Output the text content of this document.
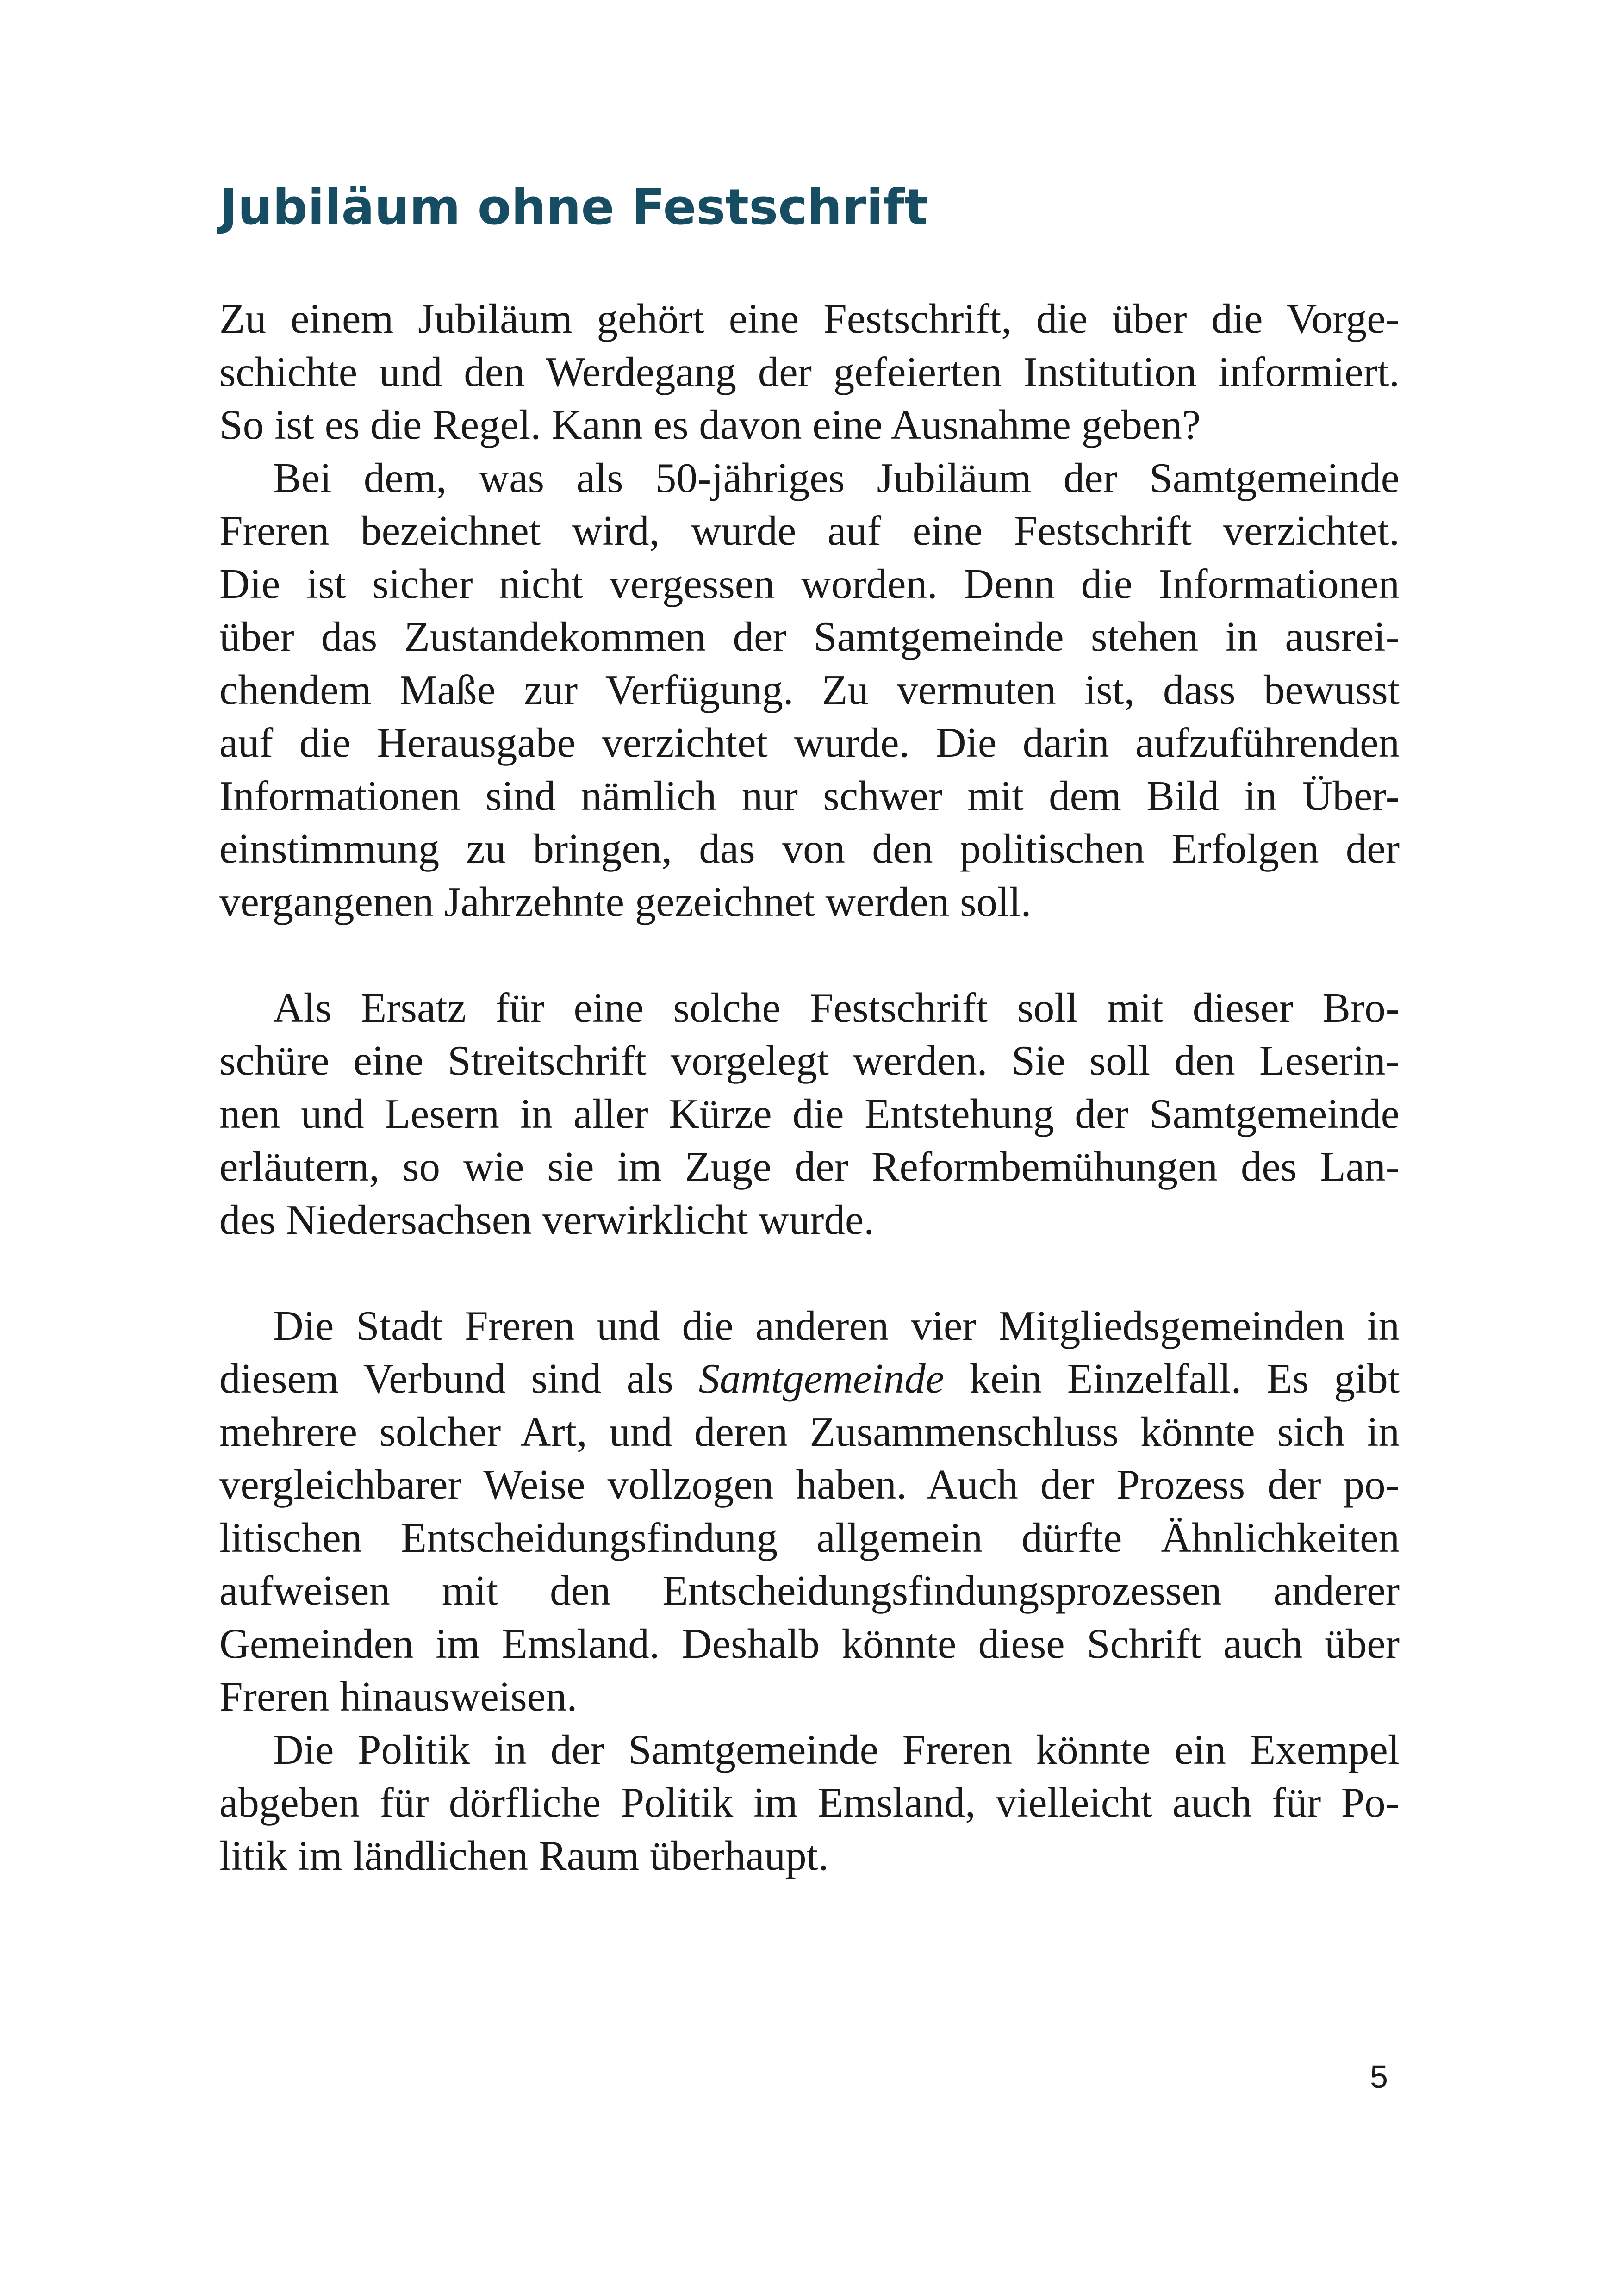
Jubiläum ohne Festschrift
Zu einem Jubiläum gehört eine Festschrift, die über die Vorge-
schichte und den Werdegang der gefeierten Institution informiert.
So ist es die Regel. Kann es davon eine Ausnahme geben?
Bei dem, was als 50-jähriges Jubiläum der Samtgemeinde
Freren bezeichnet wird, wurde auf eine Festschrift verzichtet.
Die ist sicher nicht vergessen worden. Denn die Informationen
über das Zustandekommen der Samtgemeinde stehen in ausrei-
chendem Maße zur Verfügung. Zu vermuten ist, dass bewusst
auf die Herausgabe verzichtet wurde. Die darin aufzuführenden
Informationen sind nämlich nur schwer mit dem Bild in Über-
einstimmung zu bringen, das von den politischen Erfolgen der
vergangenen Jahrzehnte gezeichnet werden soll.
Als Ersatz für eine solche Festschrift soll mit dieser Bro-
schüre eine Streitschrift vorgelegt werden. Sie soll den Leserin-
nen und Lesern in aller Kürze die Entstehung der Samtgemeinde
erläutern, so wie sie im Zuge der Reformbemühungen des Lan-
des Niedersachsen verwirklicht wurde.
Die Stadt Freren und die anderen vier Mitgliedsgemeinden in
diesem Verbund sind als Samtgemeinde kein Einzelfall. Es gibt
mehrere solcher Art, und deren Zusammenschluss könnte sich in
vergleichbarer Weise vollzogen haben. Auch der Prozess der po-
litischen Entscheidungsfindung allgemein dürfte Ähnlichkeiten
aufweisen mit den Entscheidungsfindungsprozessen anderer
Gemeinden im Emsland. Deshalb könnte diese Schrift auch über
Freren hinausweisen.
Die Politik in der Samtgemeinde Freren könnte ein Exempel
abgeben für dörfliche Politik im Emsland, vielleicht auch für Po-
litik im ländlichen Raum überhaupt.
5
